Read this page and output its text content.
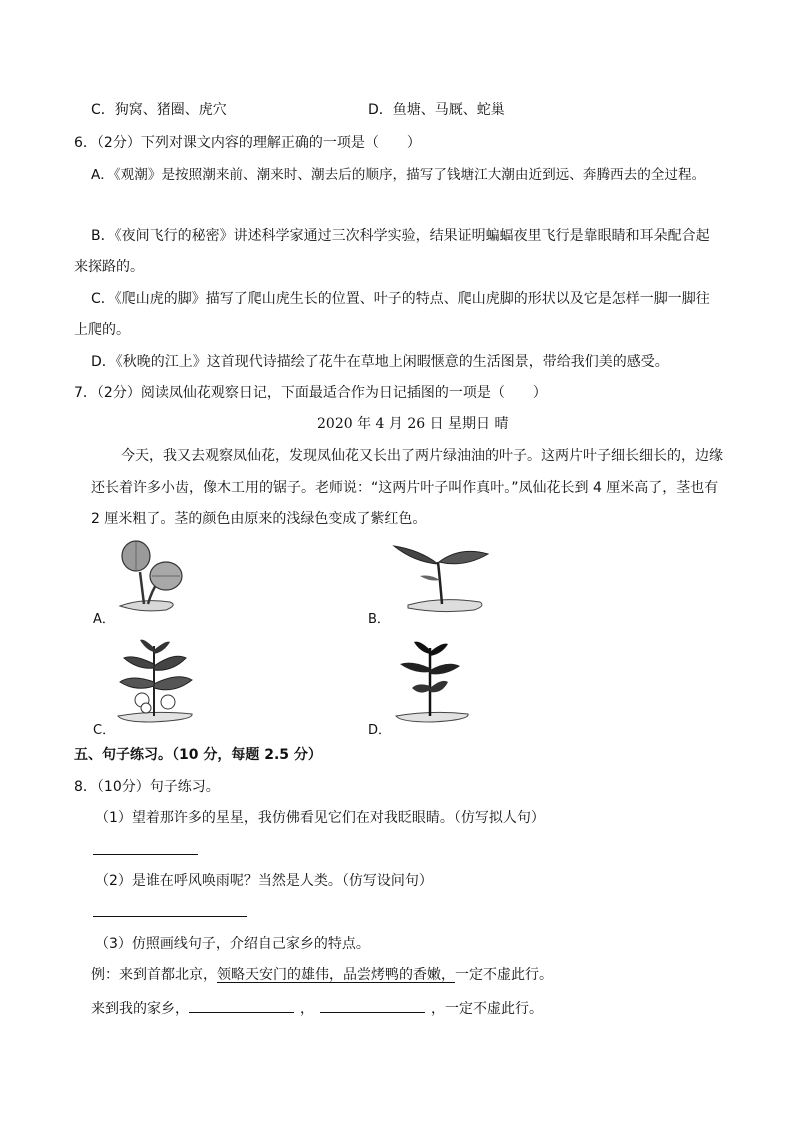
C．狗窝、猪圈、虎穴	D．鱼塘、马厩、蛇巢
6．（2分）下列对课文内容的理解正确的一项是（　　）
A．《观潮》是按照潮来前、潮来时、潮去后的顺序，描写了钱塘江大潮由近到远、奔腾西去的全过程。
B．《夜间飞行的秘密》讲述科学家通过三次科学实验，结果证明蝙蝠夜里飞行是靠眼睛和耳朵配合起
来探路的。
C．《爬山虎的脚》描写了爬山虎生长的位置、叶子的特点、爬山虎脚的形状以及它是怎样一脚一脚往
上爬的。
D．《秋晚的江上》这首现代诗描绘了花牛在草地上闲暇惬意的生活图景，带给我们美的感受。
7．（2分）阅读凤仙花观察日记，下面最适合作为日记插图的一项是（　　）
2020 年 4 月 26 日 星期日 晴
今天，我又去观察凤仙花，发现凤仙花又长出了两片绿油油的叶子。这两片叶子细长细长的，边缘
还长着许多小齿，像木工用的锯子。老师说：“这两片叶子叫作真叶。”凤仙花长到 4 厘米高了，茎也有
2 厘米粗了。茎的颜色由原来的浅绿色变成了紫红色。
A．	B．
C．	D．
五、句子练习。（10 分，每题 2.5 分）
8．（10分）句子练习。
（1）望着那许多的星星，我仿佛看见它们在对我眨眼睛。（仿写拟人句）
（2）是谁在呼风唤雨呢？当然是人类。（仿写设问句）
（3）仿照画线句子，介绍自己家乡的特点。
例：来到首都北京，领略天安门的雄伟，品尝烤鸭的香嫩，一定不虚此行。
来到我的家乡，	，	，一定不虚此行。
